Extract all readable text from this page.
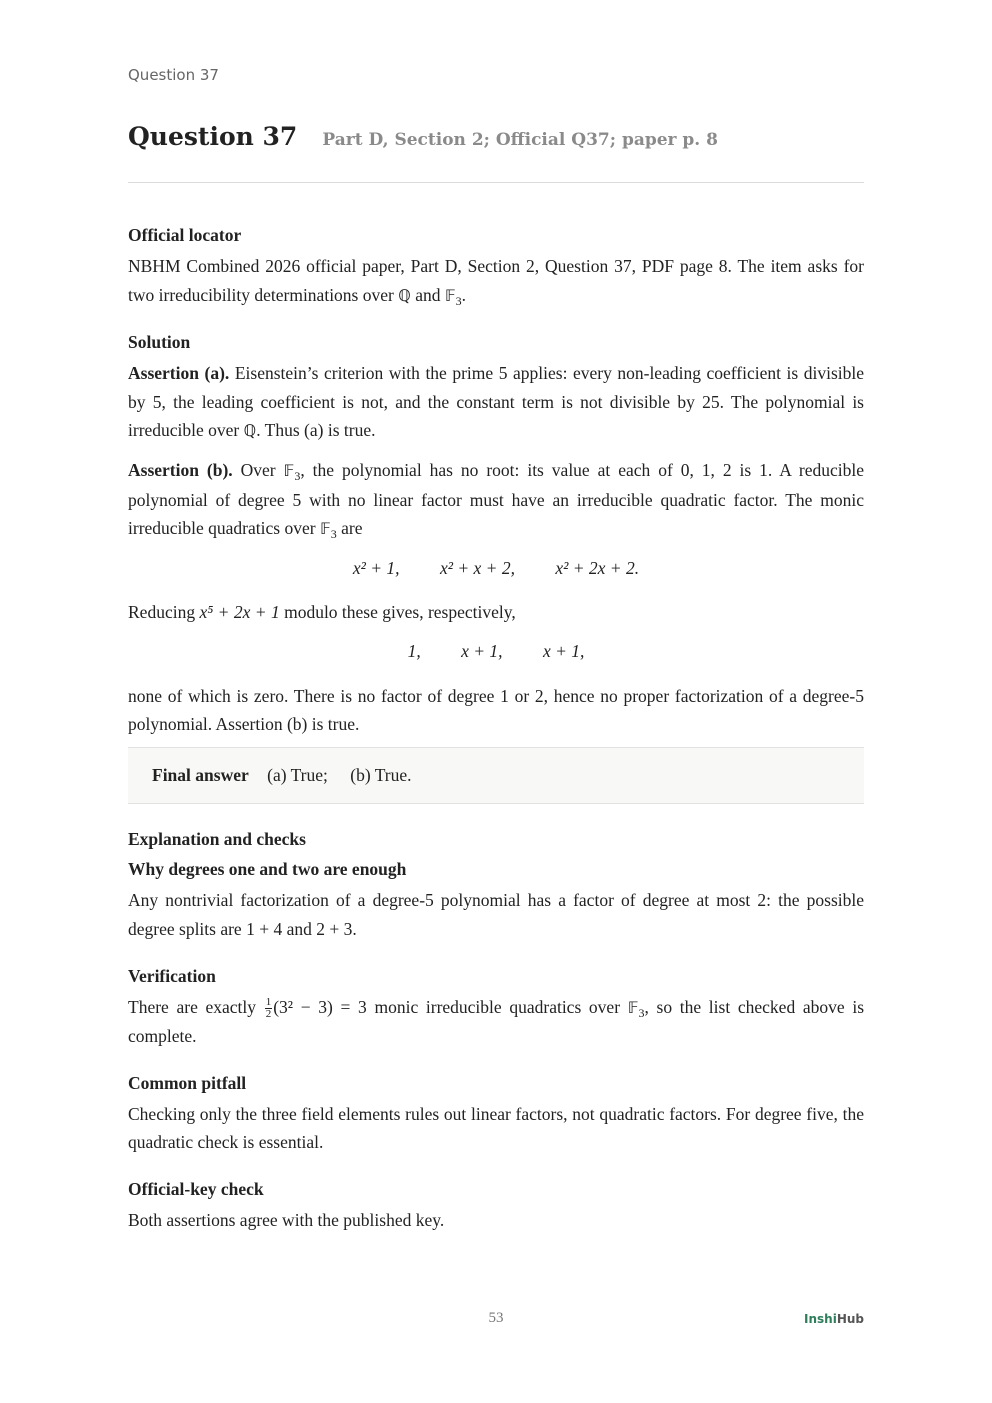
Question 37
Question 37 Part D, Section 2; Official Q37; paper p. 8
Official locator

NBHM Combined 2026 official paper, Part D, Section 2, Question 37, PDF page 8. The item asks for two irreducibility determinations over ℚ and 𝔽$_3$.

Solution

Assertion (a). Eisenstein’s criterion with the prime 5 applies: every non-leading coefficient is divisible by 5, the leading coefficient is not, and the constant term is not divisible by 25. The polynomial is irreducible over ℚ. Thus (a) is true.

Assertion (b). Over 𝔽$_3$, the polynomial has no root: its value at each of 0, 1, 2 is 1. A reducible polynomial of degree 5 with no linear factor must have an irreducible quadratic factor. The monic irreducible quadratics over 𝔽$_3$ are

x² + 1, x² + x + 2, x² + 2x + 2.

Reducing x⁵ + 2x + 1 modulo these gives, respectively,

1, x + 1, x + 1,

none of which is zero. There is no factor of degree 1 or 2, hence no proper factorization of a degree-5 polynomial. Assertion (b) is true.

Final answer (a) True; (b) True.
Explanation and checks
Why degrees one and two are enough

Any nontrivial factorization of a degree-5 polynomial has a factor of degree at most 2: the possible degree splits are 1 + 4 and 2 + 3.

Verification

There are exactly $\frac{1}{2} (3^2 - 3) = 3$ monic irreducible quadratics over 𝔽$_3$, so the list checked above is complete.

Common pitfall

Checking only the three field elements rules out linear factors, not quadratic factors. For degree five, the quadratic check is essential.

Official-key check

Both assertions agree with the published key.

53	InshiHub
